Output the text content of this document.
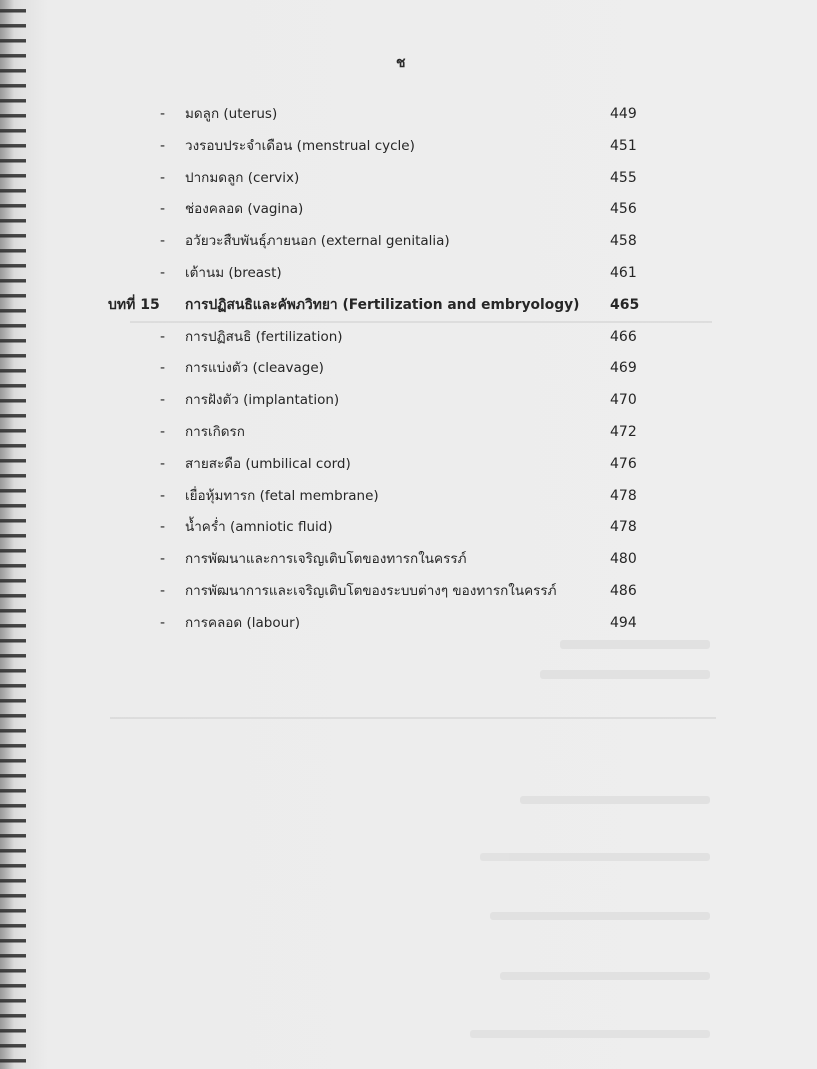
ช
- มดลูก (uterus)	449
- วงรอบประจำเดือน (menstrual cycle)	451
- ปากมดลูก (cervix)	455
- ช่องคลอด (vagina)	456
- อวัยวะสืบพันธุ์ภายนอก (external genitalia)	458
- เต้านม (breast)	461
บทที่ 15 การปฏิสนธิและคัพภวิทยา (Fertilization and embryology) 465
- การปฏิสนธิ (fertilization)	466
- การแบ่งตัว (cleavage)	469
- การฝังตัว (implantation)	470
- การเกิดรก	472
- สายสะดือ (umbilical cord)	476
- เยื่อหุ้มทารก (fetal membrane)	478
- น้ำคร่ำ (amniotic fluid)	478
- การพัฒนาและการเจริญเติบโตของทารกในครรภ์	480
- การพัฒนาการและเจริญเติบโตของระบบต่างๆ ของทารกในครรภ์	486
- การคลอด (labour)	494
